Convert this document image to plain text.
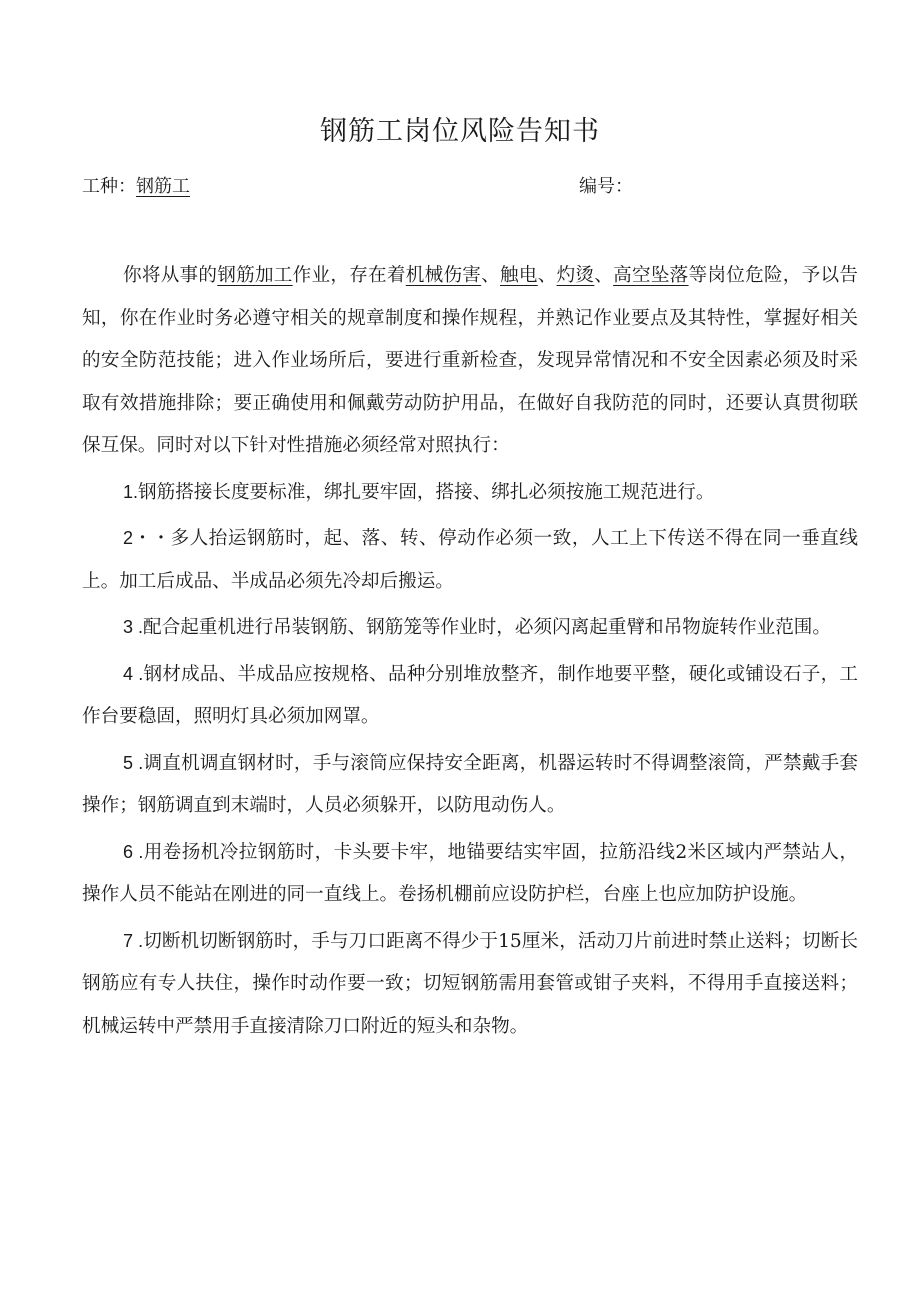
钢筋工岗位风险告知书
工种：钢筋工	编号：

你将从事的钢筋加工作业，存在着机械伤害、触电、灼烫、高空坠落等岗位危险，予以告知，你在作业时务必遵守相关的规章制度和操作规程，并熟记作业要点及其特性，掌握好相关的安全防范技能；进入作业场所后，要进行重新检查，发现异常情况和不安全因素必须及时采取有效措施排除；要正确使用和佩戴劳动防护用品，在做好自我防范的同时，还要认真贯彻联保互保。同时对以下针对性措施必须经常对照执行：

1.钢筋搭接长度要标准，绑扎要牢固，搭接、绑扎必须按施工规范进行。

2・・多人抬运钢筋时，起、落、转、停动作必须一致，人工上下传送不得在同一垂直线上。加工后成品、半成品必须先冷却后搬运。

3 .配合起重机进行吊装钢筋、钢筋笼等作业时，必须闪离起重臂和吊物旋转作业范围。

4 .钢材成品、半成品应按规格、品种分别堆放整齐，制作地要平整，硬化或铺设石子，工作台要稳固，照明灯具必须加网罩。

5 .调直机调直钢材时，手与滚筒应保持安全距离，机器运转时不得调整滚筒，严禁戴手套操作；钢筋调直到末端时，人员必须躲开，以防甩动伤人。

6 .用卷扬机冷拉钢筋时，卡头要卡牢，地锚要结实牢固，拉筋沿线2米区域内严禁站人，操作人员不能站在刚进的同一直线上。卷扬机棚前应设防护栏，台座上也应加防护设施。

7 .切断机切断钢筋时，手与刀口距离不得少于15厘米，活动刀片前进时禁止送料；切断长钢筋应有专人扶住，操作时动作要一致；切短钢筋需用套管或钳子夹料，不得用手直接送料；机械运转中严禁用手直接清除刀口附近的短头和杂物。
